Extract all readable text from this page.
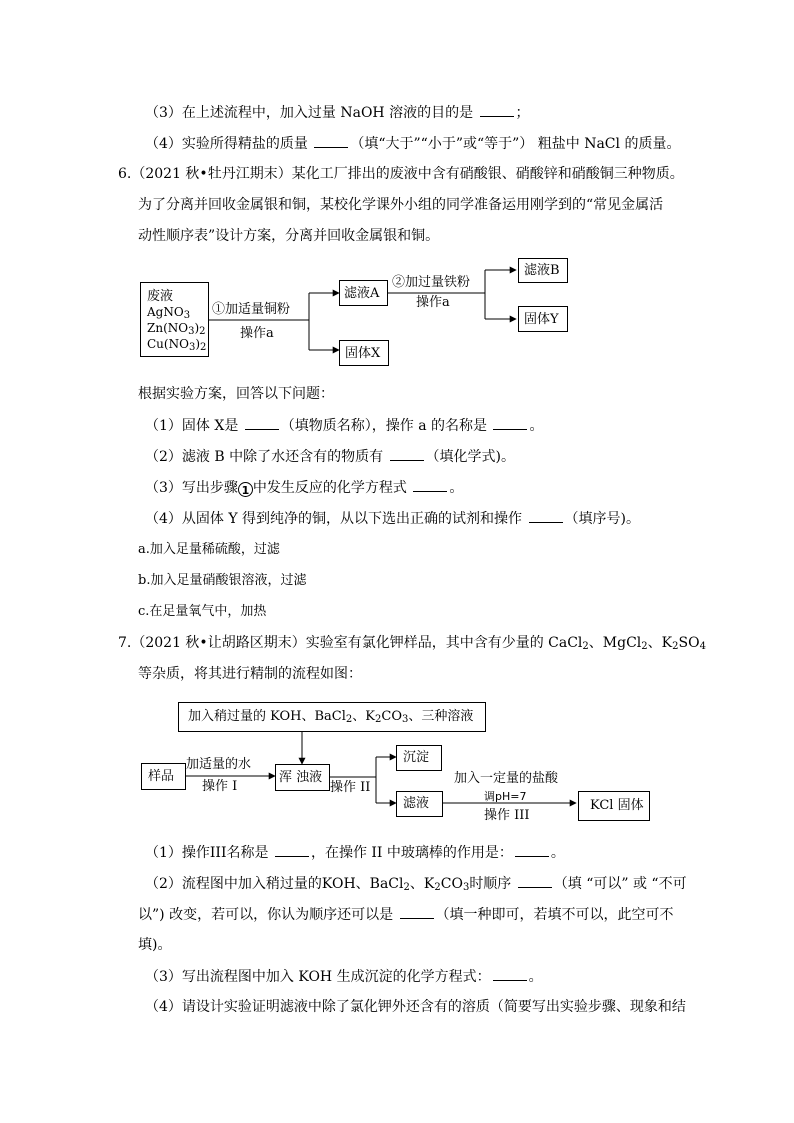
（3）在上述流程中，加入过量 NaOH 溶液的目的是	；
（4）实验所得精盐的质量	（填“大于”“小于”或“等于”） 粗盐中 NaCl 的质量。
6.（2021 秋•牡丹江期末）某化工厂排出的废液中含有硝酸银、硝酸锌和硝酸铜三种物质。
为了分离并回收金属银和铜，某校化学课外小组的同学准备运用刚学到的“常见金属活
动性顺序表”设计方案，分离并回收金属银和铜。
废液
AgNO$_3$
$Zn(NO_3)_2$
$Cu(NO_3)_2$
①加适量铜粉
操作a
滤液A
固体X
②加过量铁粉
操作a
滤液B
固体Y
根据实验方案，回答以下问题：
（1）固体 X是	（填物质名称），操作 a 的名称是	。
（2）滤液 B 中除了水还含有的物质有	（填化学式)。
（3）写出步骤 1 中发生反应的化学方程式	。
（4）从固体 Y 得到纯净的铜，从以下选出正确的试剂和操作	（填序号)。
a.加入足量稀硫酸，过滤
b.加入足量硝酸银溶液，过滤
c.在足量氧气中，加热
7.（2021 秋•让胡路区期末）实验室有氯化钾样品，其中含有少量的 CaCl$_2$、MgCl$_2$、$K_2SO_4$
等杂质，将其进行精制的流程如图：
加入稍过量的 KOH、BaCl$_2$、$K_2CO_3$、三种溶液
样品
加适量的水
操作 I
浑 浊液
操作 II
沉淀
滤液
加入一定量的盐酸
调pH=7
操作 III
KCl 固体
（1）操作III名称是	，在操作 II 中玻璃棒的作用是：	。
（2）流程图中加入稍过量的KOH、BaCl$_2$、$K_2CO_3$时顺序	（填 “可以” 或 “不可
以”) 改变，若可以，你认为顺序还可以是	（填一种即可，若填不可以，此空可不
填)。
（3）写出流程图中加入 KOH 生成沉淀的化学方程式：	。
（4）请设计实验证明滤液中除了氯化钾外还含有的溶质（简要写出实验步骤、现象和结
